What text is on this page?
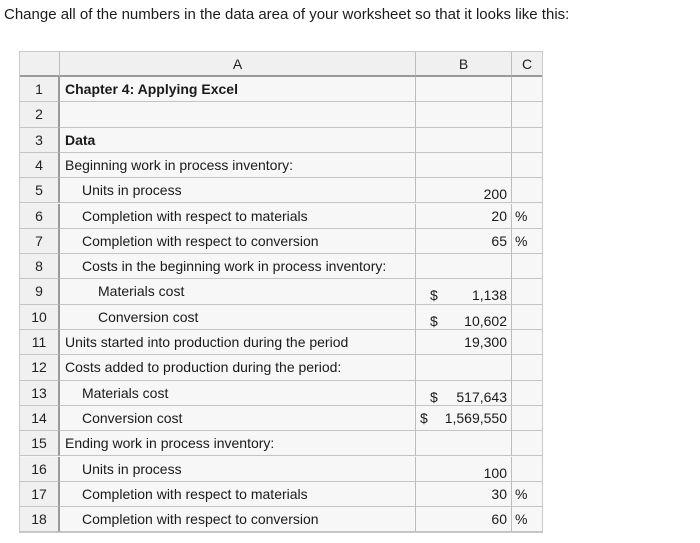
Change all of the numbers in the data area of your worksheet so that it looks like this:
A	B	C
1	Chapter 4: Applying Excel
2
3	Data
4	Beginning work in process inventory:
5	Units in process	200
6	Completion with respect to materials	20 %
7	Completion with respect to conversion	65 %
8	Costs in the beginning work in process inventory:
9	Materials cost	$ 1,138
10	Conversion cost	$ 10,602
11	Units started into production during the period	19,300
12	Costs added to production during the period:
13	Materials cost	$ 517,643
14	Conversion cost	$ 1,569,550
15	Ending work in process inventory:
16	Units in process	100
17	Completion with respect to materials	30 %
18	Completion with respect to conversion	60 %
